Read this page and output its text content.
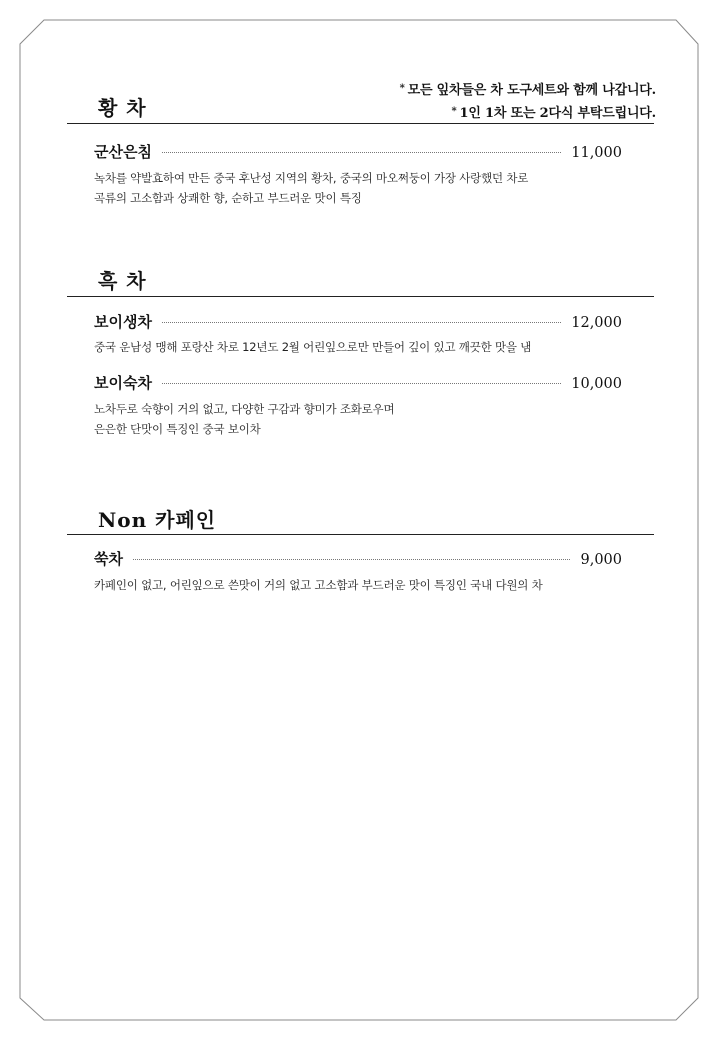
* 모든 잎차들은 차 도구세트와 함께 나갑니다.
* 1인 1차 또는 2다식 부탁드립니다.
황 차
군산은침	11,000
녹차를 약발효하여 만든 중국 후난성 지역의 황차, 중국의 마오쩌둥이 가장 사랑했던 차로
곡류의 고소함과 상쾌한 향, 순하고 부드러운 맛이 특징
흑 차
보이생차	12,000
중국 운남성 맹해 포랑산 차로 12년도 2월 어린잎으로만 만들어 깊이 있고 깨끗한 맛을 냄
보이숙차	10,000
노차두로 숙향이 거의 없고, 다양한 구감과 향미가 조화로우며
은은한 단맛이 특징인 중국 보이차
Non 카페인
쑥차	9,000
카페인이 없고, 어린잎으로 쓴맛이 거의 없고 고소함과 부드러운 맛이 특징인 국내 다원의 차
